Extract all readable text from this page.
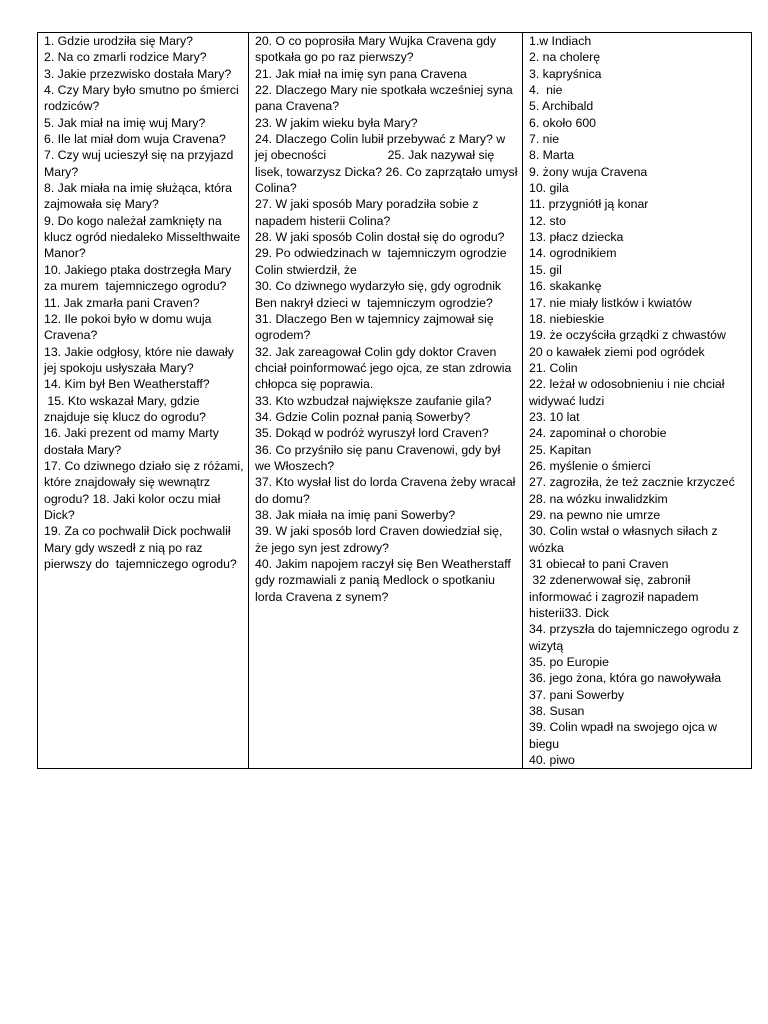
1. Gdzie urodziła się Mary?
2. Na co zmarli rodzice Mary?
3. Jakie przezwisko dostała Mary?
4. Czy Mary było smutno po śmierci rodziców?
5. Jak miał na imię wuj Mary?
6. Ile lat miał dom wuja Cravena?
7. Czy wuj ucieszył się na przyjazd Mary?
8. Jak miała na imię służąca, która zajmowała się Mary?
9. Do kogo należał zamknięty na klucz ogród niedaleko Misselthwaite Manor?
10. Jakiego ptaka dostrzegła Mary za murem  tajemniczego ogrodu?
11. Jak zmarła pani Craven?
12. Ile pokoi było w domu wuja Cravena?
13. Jakie odgłosy, które nie dawały jej spokoju usłyszała Mary?                  14. Kim był Ben Weatherstaff?
15. Kto wskazał Mary, gdzie znajduje się klucz do ogrodu?
16. Jaki prezent od mamy Marty dostała Mary?
17. Co dziwnego działo się z różami, które znajdowały się wewnątrz ogrodu? 18. Jaki kolor oczu miał Dick?
19. Za co pochwalił Dick pochwalił Mary gdy wszedł z nią po raz pierwszy do  tajemniczego ogrodu?

20. O co poprosiła Mary Wujka Cravena gdy spotkała go po raz pierwszy?
21. Jak miał na imię syn pana Cravena
22. Dlaczego Mary nie spotkała wcześniej syna pana Cravena?
23. W jakim wieku była Mary?
24. Dlaczego Colin lubił przebywać z Mary? w jej obecności                  25. Jak nazywał się lisek, towarzysz Dicka? 26. Co zaprzątało umysł Colina?
27. W jaki sposób Mary poradziła sobie z napadem histerii Colina?
28. W jaki sposób Colin dostał się do ogrodu?
29. Po odwiedzinach w  tajemniczym ogrodzie Colin stwierdził, że
30. Co dziwnego wydarzyło się, gdy ogrodnik Ben nakrył dzieci w  tajemniczym ogrodzie?
31. Dlaczego Ben w tajemnicy zajmował się ogrodem?
32. Jak zareagował Colin gdy doktor Craven chciał poinformować jego ojca, ze stan zdrowia chłopca się poprawia.
33. Kto wzbudzał największe zaufanie gila?
34. Gdzie Colin poznał panią Sowerby?
35. Dokąd w podróż wyruszył lord Craven?
36. Co przyśniło się panu Cravenowi, gdy był we Włoszech?
37. Kto wysłał list do lorda Cravena żeby wracał do domu?
38. Jak miała na imię pani Sowerby?
39. W jaki sposób lord Craven dowiedział się, że jego syn jest zdrowy?
40. Jakim napojem raczył się Ben Weatherstaff gdy rozmawiali z panią Medlock o spotkaniu lorda Cravena z synem?

1.w Indiach
2. na cholerę
3. kapryśnica
4.  nie
5. Archibald
6. około 600
7. nie
8. Marta
9. żony wuja Cravena
10. gila
11. przygniótł ją konar
12. sto
13. płacz dziecka
14. ogrodnikiem
15. gil
16. skakankę
17. nie miały listków i kwiatów
18. niebieskie
19. że oczyściła grządki z chwastów
20 o kawałek ziemi pod ogródek
21. Colin
22. leżał w odosobnieniu i nie chciał widywać ludzi
23. 10 lat
24. zapominał o chorobie
25. Kapitan
26. myślenie o śmierci
27. zagroziła, że też zacznie krzyczeć
28. na wózku inwalidzkim
29. na pewno nie umrze
30. Colin wstał o własnych siłach z wózka
31 obiecał to pani Craven
32 zdenerwował się, zabronił informować i zagroził napadem histerii33. Dick
34. przyszła do tajemniczego ogrodu z wizytą
35. po Europie
36. jego żona, która go nawoływała
37. pani Sowerby
38. Susan
39. Colin wpadł na swojego ojca w biegu
40. piwo
